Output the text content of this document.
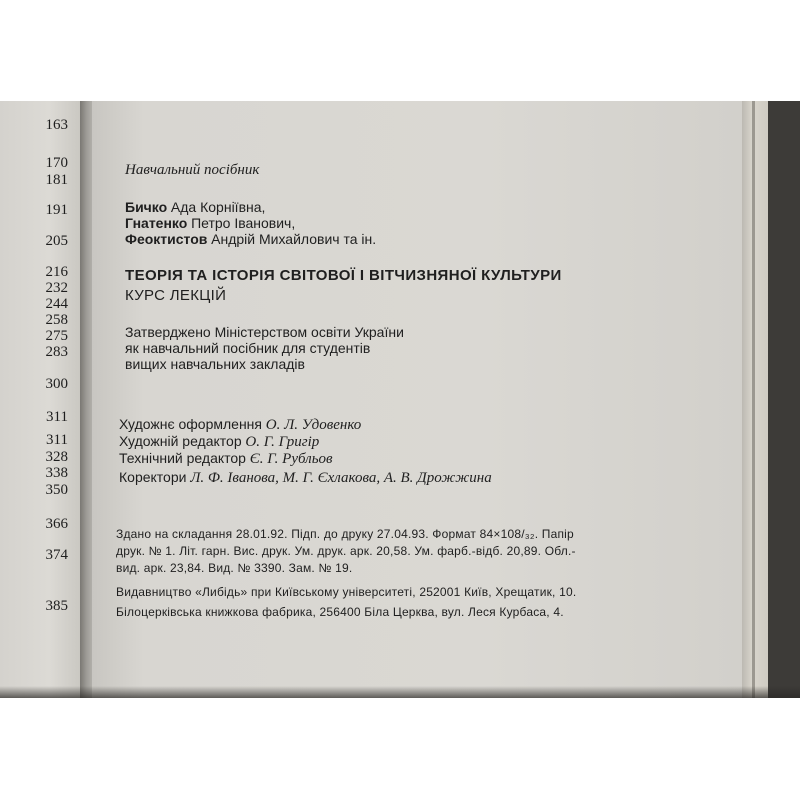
163
170
181
191
205
216
232
244
258
275
283
300
311
311
328
338
350
366
374
385
Навчальний посібник
Бичко Ада Корніївна,
Гнатенко Петро Іванович,
Феоктистов Андрій Михайлович та ін.
ТЕОРІЯ ТА ІСТОРІЯ СВІТОВОЇ І ВІТЧИЗНЯНОЇ КУЛЬТУРИ
КУРС ЛЕКЦІЙ
Затверджено Міністерством освіти України
як навчальний посібник для студентів
вищих навчальних закладів
Художнє оформлення О. Л. Удовенко
Художній редактор О. Г. Григір
Технічний редактор Є. Г. Рубльов
Коректори Л. Ф. Іванова, М. Г. Єхлакова, А. В. Дрожжина
Здано на складання 28.01.92. Підп. до друку 27.04.93. Формат 84×108/₃₂. Папір
друк. № 1. Літ. гарн. Вис. друк. Ум. друк. арк. 20,58. Ум. фарб.-відб. 20,89. Обл.-
вид. арк. 23,84. Вид. № 3390. Зам. № 19.
Видавництво «Либідь» при Київському університеті, 252001 Київ, Хрещатик, 10.
Білоцерківська книжкова фабрика, 256400 Біла Церква, вул. Леся Курбаса, 4.
